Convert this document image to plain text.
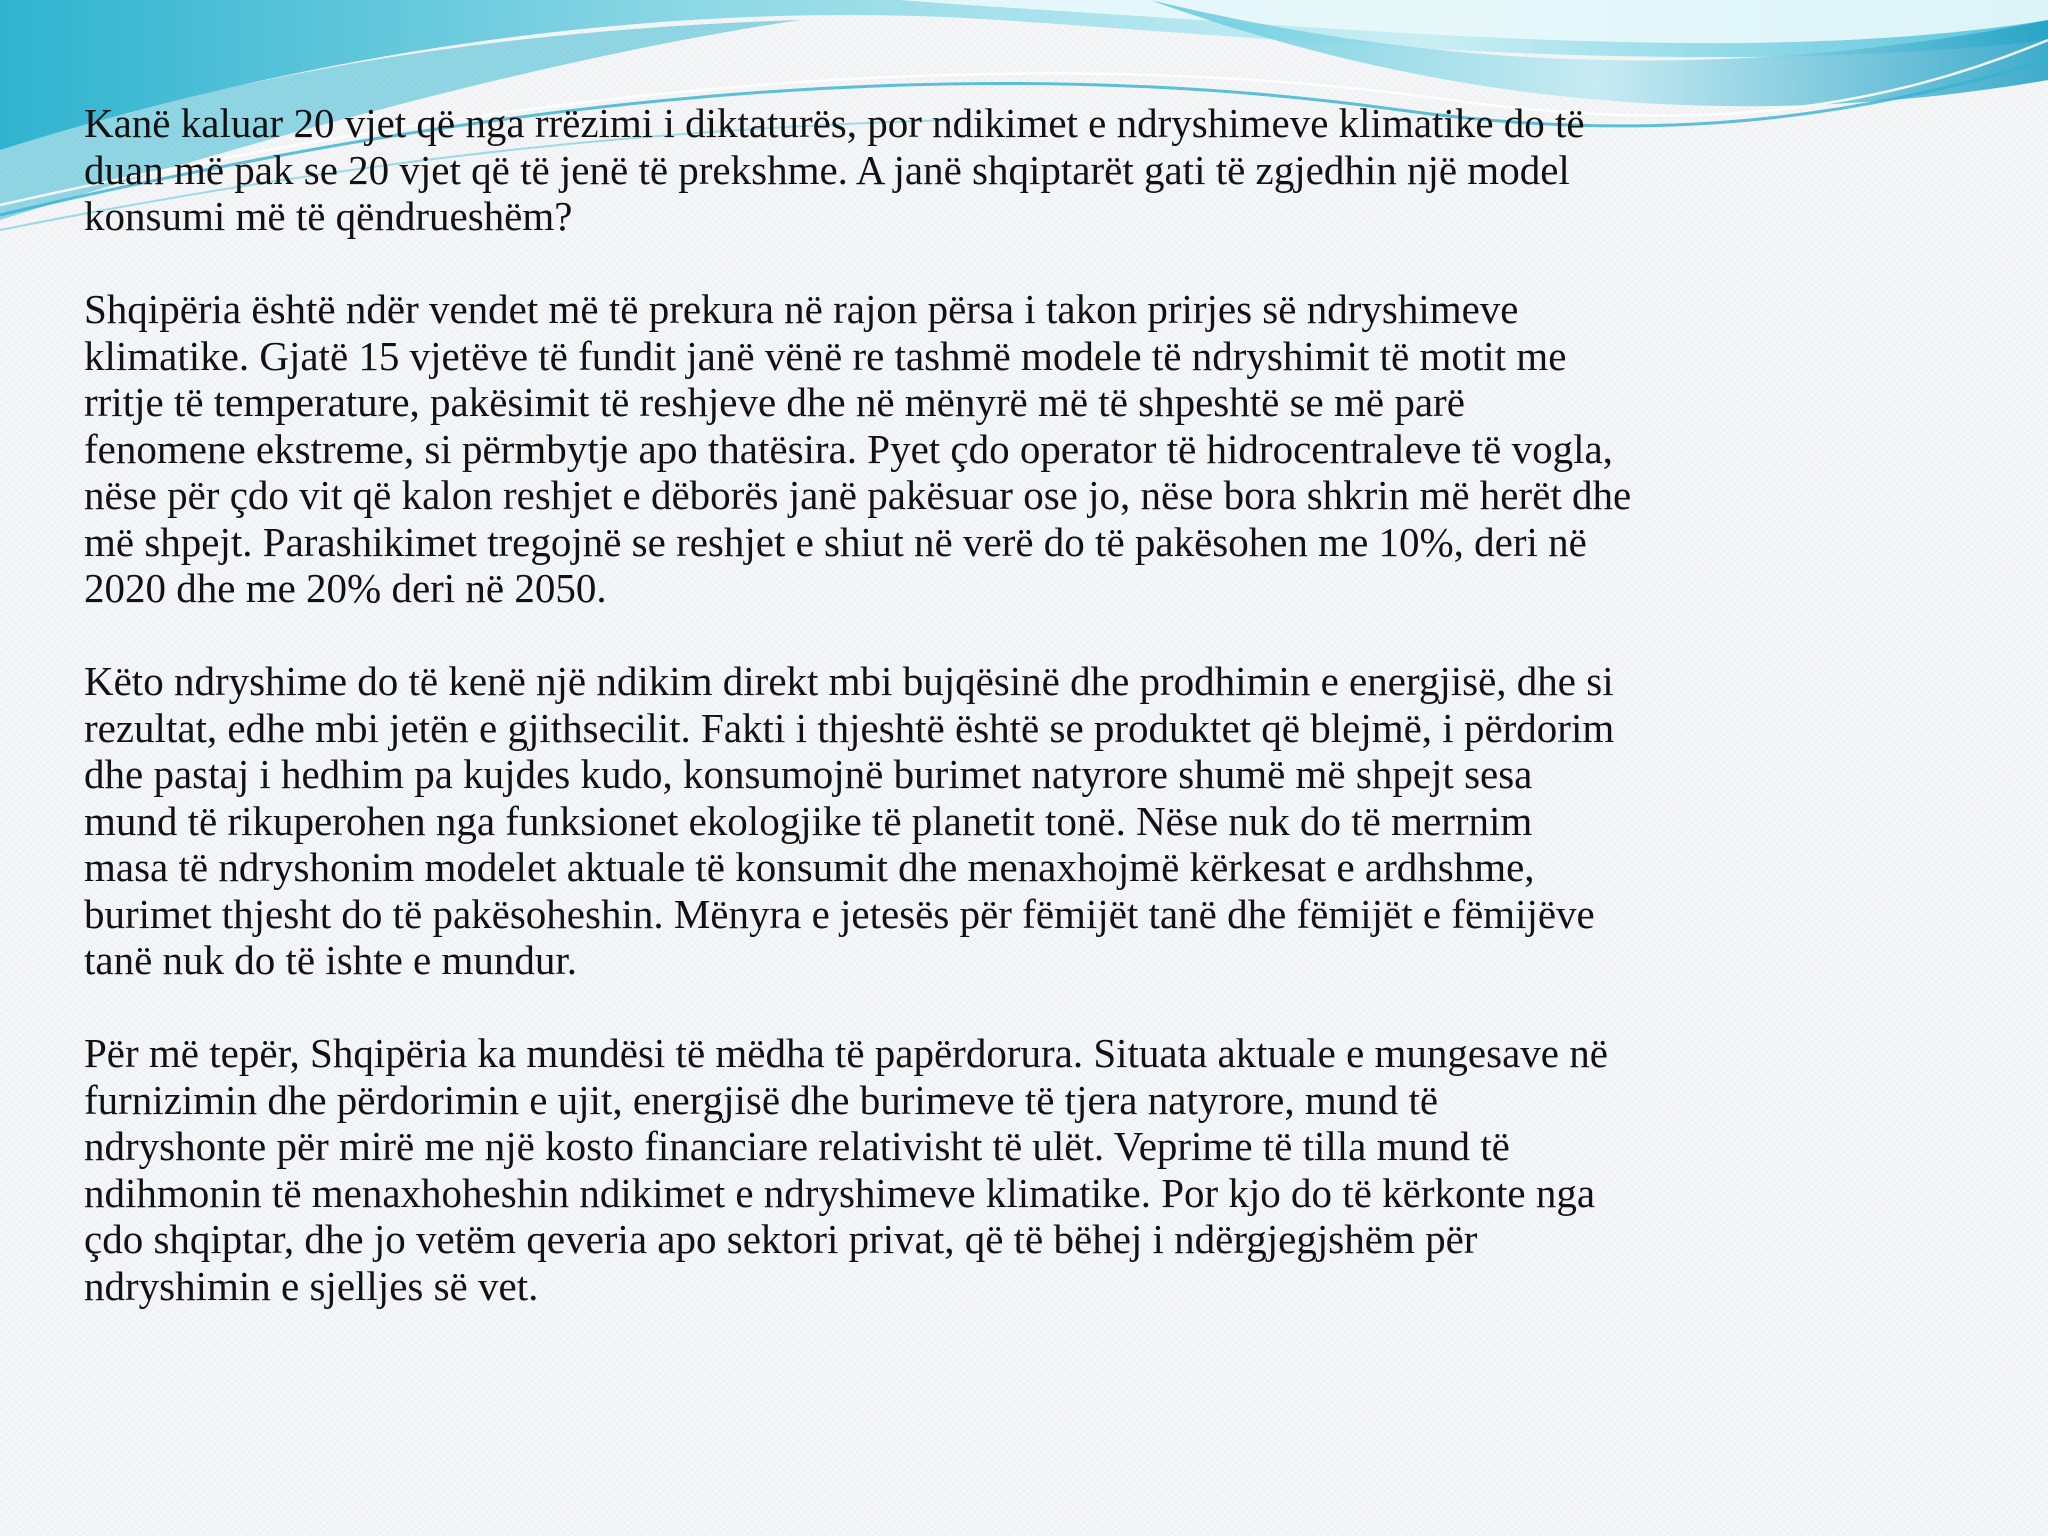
Kanë kaluar 20 vjet që nga rrëzimi i diktaturës, por ndikimet e ndryshimeve klimatike do të
duan më pak se 20 vjet që të jenë të prekshme. A janë shqiptarët gati të zgjedhin një model
konsumi më të qëndrueshëm?

Shqipëria është ndër vendet më të prekura në rajon përsa i takon prirjes së ndryshimeve
klimatike. Gjatë 15 vjetëve të fundit janë vënë re tashmë modele të ndryshimit të motit me
rritje të temperature, pakësimit të reshjeve dhe në mënyrë më të shpeshtë se më parë
fenomene ekstreme, si përmbytje apo thatësira. Pyet çdo operator të hidrocentraleve të vogla,
nëse për çdo vit që kalon reshjet e dëborës janë pakësuar ose jo, nëse bora shkrin më herët dhe
më shpejt. Parashikimet tregojnë se reshjet e shiut në verë do të pakësohen me 10%, deri në
2020 dhe me 20% deri në 2050.

Këto ndryshime do të kenë një ndikim direkt mbi bujqësinë dhe prodhimin e energjisë, dhe si
rezultat, edhe mbi jetën e gjithsecilit. Fakti i thjeshtë është se produktet që blejmë, i përdorim
dhe pastaj i hedhim pa kujdes kudo, konsumojnë burimet natyrore shumë më shpejt sesa
mund të rikuperohen nga funksionet ekologjike të planetit tonë. Nëse nuk do të merrnim
masa të ndryshonim modelet aktuale të konsumit dhe menaxhojmë kërkesat e ardhshme,
burimet thjesht do të pakësoheshin. Mënyra e jetesës për fëmijët tanë dhe fëmijët e fëmijëve
tanë nuk do të ishte e mundur.

Për më tepër, Shqipëria ka mundësi të mëdha të papërdorura. Situata aktuale e mungesave në
furnizimin dhe përdorimin e ujit, energjisë dhe burimeve të tjera natyrore, mund të
ndryshonte për mirë me një kosto financiare relativisht të ulët. Veprime të tilla mund të
ndihmonin të menaxhoheshin ndikimet e ndryshimeve klimatike. Por kjo do të kërkonte nga
çdo shqiptar, dhe jo vetëm qeveria apo sektori privat, që të bëhej i ndërgjegjshëm për
ndryshimin e sjelljes së vet.
